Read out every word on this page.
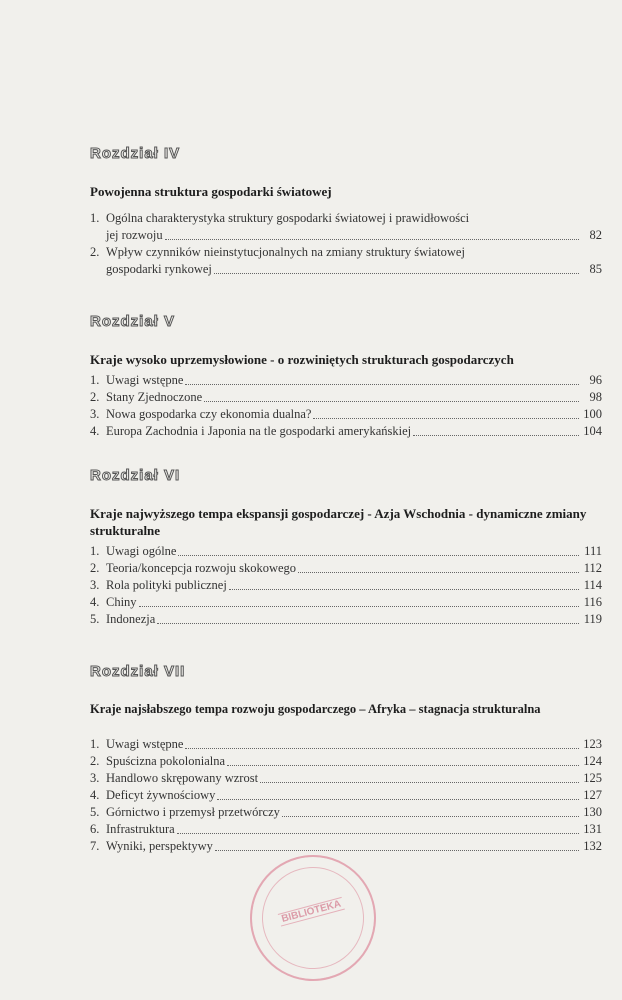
Rozdział IV
Powojenna struktura gospodarki światowej
1. Ogólna charakterystyka struktury gospodarki światowej i prawidłowości
jej rozwoju	82
2. Wpływ czynników nieinstytucjonalnych na zmiany struktury światowej
gospodarki rynkowej	85
Rozdział V
Kraje wysoko uprzemysłowione - o rozwiniętych strukturach gospodarczych
1. Uwagi wstępne	96
2. Stany Zjednoczone	98
3. Nowa gospodarka czy ekonomia dualna?	100
4. Europa Zachodnia i Japonia na tle gospodarki amerykańskiej	104
Rozdział VI
Kraje najwyższego tempa ekspansji gospodarczej - Azja Wschodnia - dynamiczne zmiany strukturalne
1. Uwagi ogólne	111
2. Teoria/koncepcja rozwoju skokowego	112
3. Rola polityki publicznej	114
4. Chiny	116
5. Indonezja	119
Rozdział VII
Kraje najsłabszego tempa rozwoju gospodarczego – Afryka – stagnacja strukturalna
1. Uwagi wstępne	123
2. Spuścizna pokolonialna	124
3. Handlowo skrępowany wzrost	125
4. Deficyt żywnościowy	127
5. Górnictwo i przemysł przetwórczy	130
6. Infrastruktura	131
7. Wyniki, perspektywy	132
BIBLIOTEKA
